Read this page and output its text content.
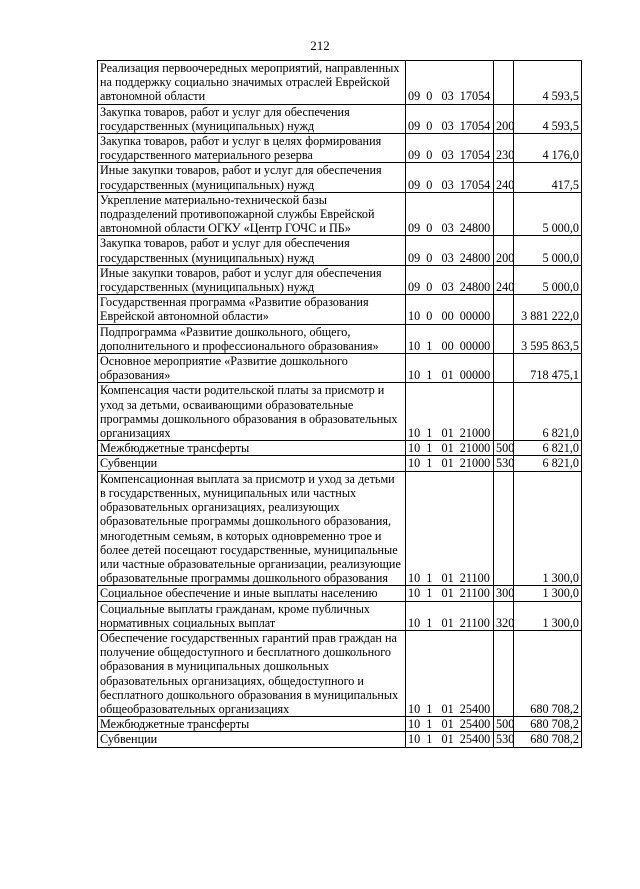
212
Реализация первоочередных мероприятий, направленных на поддержку социально значимых отраслей Еврейской автономной области	09  0   03  17054		4 593,5
Закупка товаров, работ и услуг для обеспечения государственных (муниципальных) нужд	09  0   03  17054	200	4 593,5
Закупка товаров, работ и услуг в целях формирования государственного материального резерва	09  0   03  17054	230	4 176,0
Иные закупки товаров, работ и услуг для обеспечения государственных (муниципальных) нужд	09  0   03  17054	240	417,5
Укрепление материально-технической базы подразделений противопожарной службы Еврейской автономной области ОГКУ «Центр ГОЧС и ПБ»	09  0   03  24800		5 000,0
Закупка товаров, работ и услуг для обеспечения государственных (муниципальных) нужд	09  0   03  24800	200	5 000,0
Иные закупки товаров, работ и услуг для обеспечения государственных (муниципальных) нужд	09  0   03  24800	240	5 000,0
Государственная программа «Развитие образования Еврейской автономной области»	10  0   00  00000		3 881 222,0
Подпрограмма «Развитие дошкольного, общего, дополнительного и профессионального образования»	10  1   00  00000		3 595 863,5
Основное мероприятие «Развитие дошкольного образования»	10  1   01  00000		718 475,1
Компенсация части родительской платы за присмотр и уход за детьми, осваивающими образовательные программы дошкольного образования в образовательных организациях	10  1   01  21000		6 821,0
Межбюджетные трансферты	10  1   01  21000	500	6 821,0
Субвенции	10  1   01  21000	530	6 821,0
Компенсационная выплата за присмотр и уход за детьми в государственных, муниципальных или частных образовательных организациях, реализующих образовательные программы дошкольного образования, многодетным семьям, в которых одновременно трое и более детей посещают государственные, муниципальные или частные образовательные организации, реализующие образовательные программы дошкольного образования	10  1   01  21100		1 300,0
Социальное обеспечение и иные выплаты населению	10  1   01  21100	300	1 300,0
Социальные выплаты гражданам, кроме публичных нормативных социальных выплат	10  1   01  21100	320	1 300,0
Обеспечение государственных гарантий прав граждан на получение общедоступного и бесплатного дошкольного образования в муниципальных дошкольных образовательных организациях, общедоступного и бесплатного дошкольного образования в муниципальных общеобразовательных организациях	10  1   01  25400		680 708,2
Межбюджетные трансферты	10  1   01  25400	500	680 708,2
Субвенции	10  1   01  25400	530	680 708,2
